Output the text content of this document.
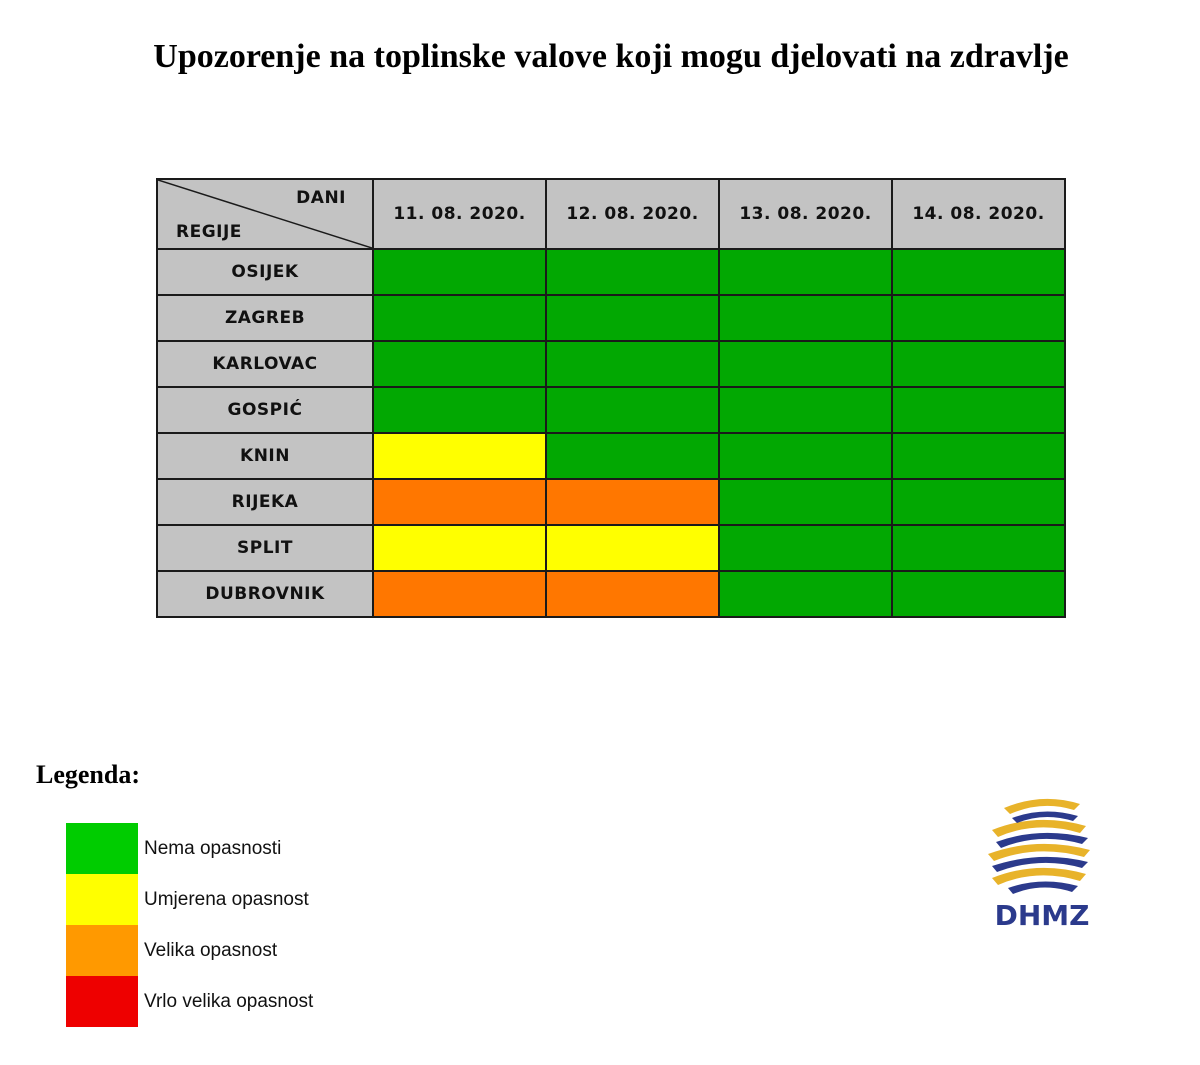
Upozorenje na toplinske valove koji mogu djelovati na zdravlje
DANI
REGIJE	11. 08. 2020.	12. 08. 2020.	13. 08. 2020.	14. 08. 2020.
OSIJEK				
ZAGREB				
KARLOVAC				
GOSPIĆ				
KNIN				
RIJEKA				
SPLIT				
DUBROVNIK				
Legenda:
Nema opasnosti
Umjerena opasnost
Velika opasnost
Vrlo velika opasnost
DHMZ
